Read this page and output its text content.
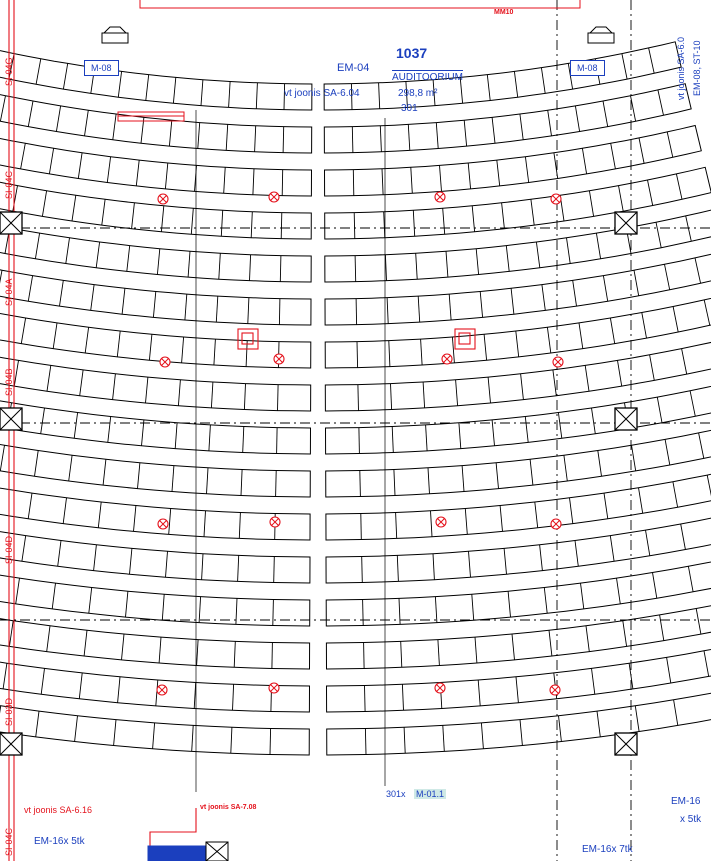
1037
AUDITOORIUM
298,8 m²
vt joonis SA-6.04
301
M-08	M-08
EM-04
MM10
301x M-01.1
SI-04G
SI-04C
SI-04A
SI-04B
SI-04D
SI-03D
SI-04C
vt joonis SA-6.0 EM-08, ST-10
vt joonis SA-6.16	vt joonis SA-7.08
EM-16x 5tk
EM-16x 7tk
EM-16
x 5tk
